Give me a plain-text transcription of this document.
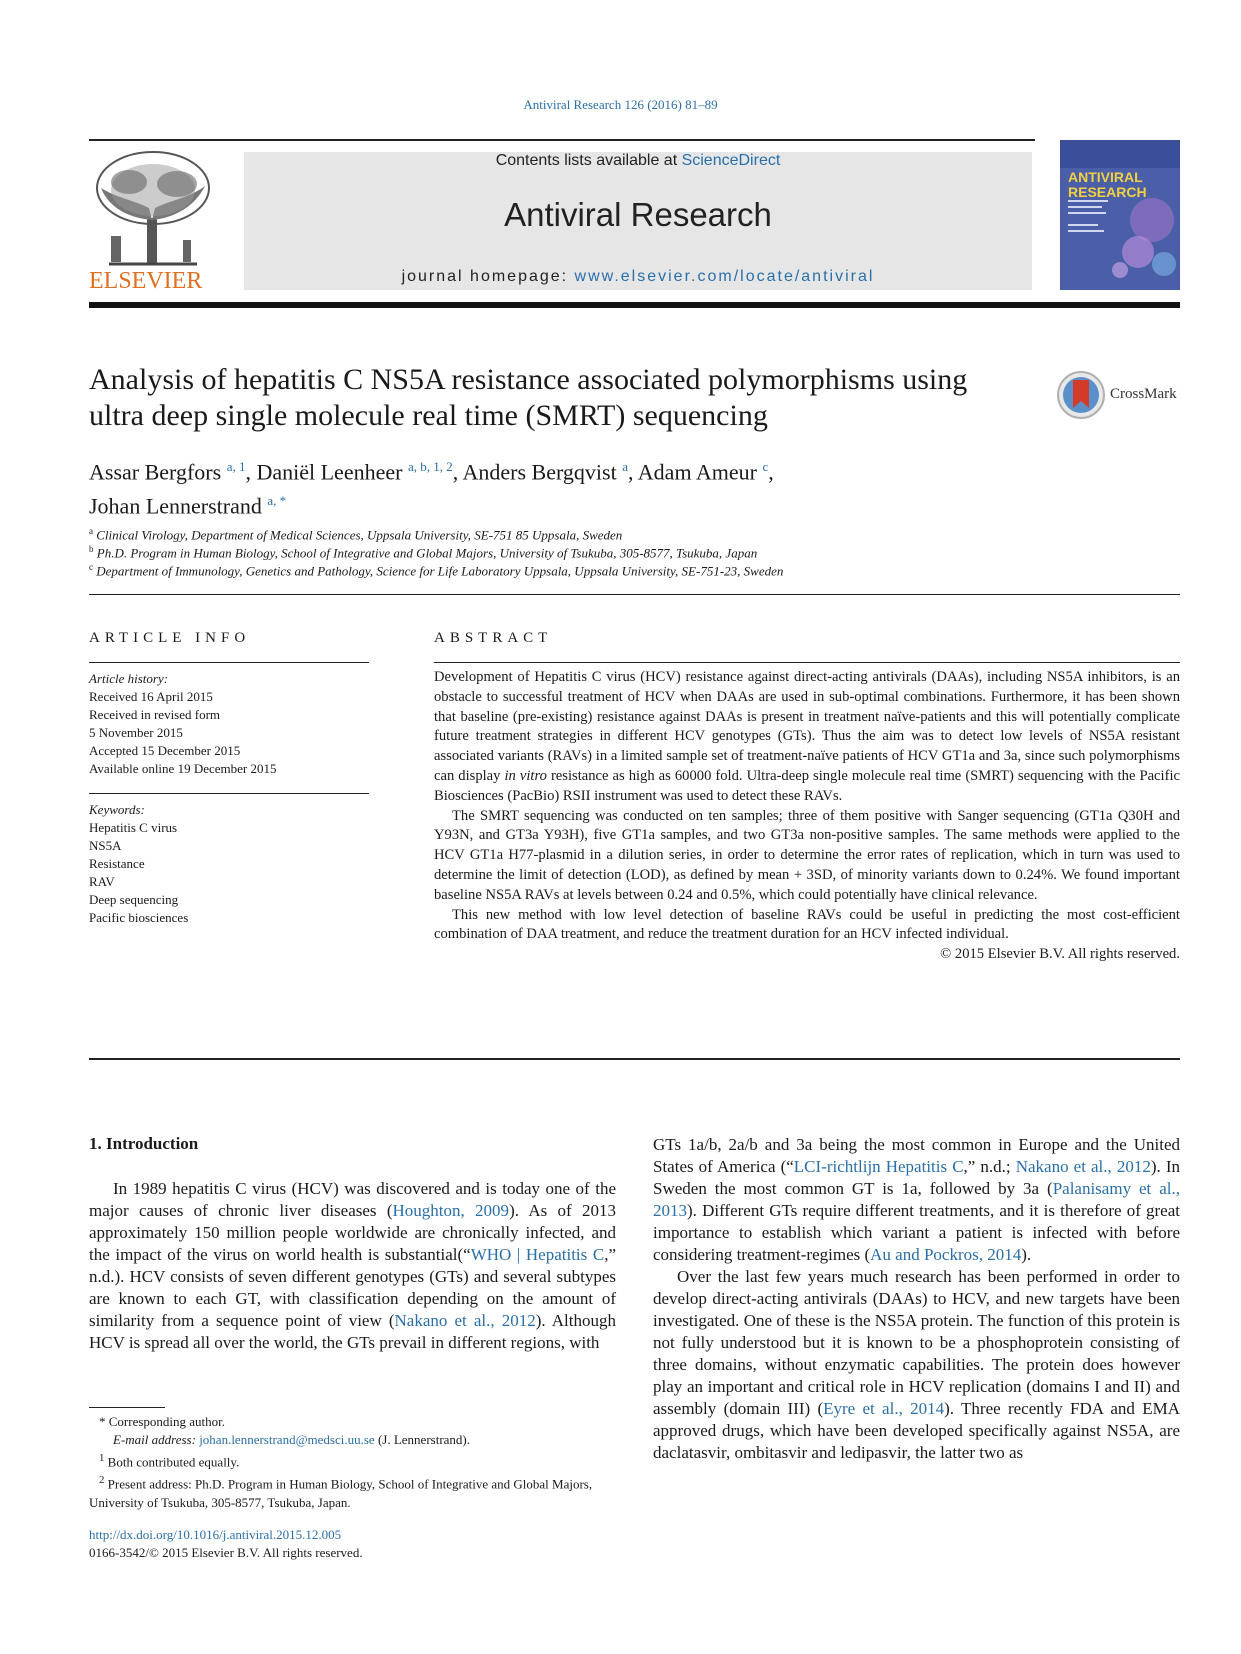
Antiviral Research 126 (2016) 81–89
ELSEVIER
Contents lists available at ScienceDirect
Antiviral Research
journal homepage: www.elsevier.com/locate/antiviral
ANTIVIRAL
RESEARCH
Analysis of hepatitis C NS5A resistance associated polymorphisms using ultra deep single molecule real time (SMRT) sequencing
CrossMark
Assar Bergfors $^{a, 1}$, Daniël Leenheer $^{a, b, 1, 2}$, Anders Bergqvist $^a$, Adam Ameur $^c$,
Johan Lennerstrand $^{a, *}$
$^a$ Clinical Virology, Department of Medical Sciences, Uppsala University, SE-751 85 Uppsala, Sweden
$^b$ Ph.D. Program in Human Biology, School of Integrative and Global Majors, University of Tsukuba, 305-8577, Tsukuba, Japan
$^c$ Department of Immunology, Genetics and Pathology, Science for Life Laboratory Uppsala, Uppsala University, SE-751-23, Sweden
ARTICLE INFO
Article history:
Received 16 April 2015
Received in revised form
5 November 2015
Accepted 15 December 2015
Available online 19 December 2015
Keywords:
Hepatitis C virus
NS5A
Resistance
RAV
Deep sequencing
Pacific biosciences
ABSTRACT

Development of Hepatitis C virus (HCV) resistance against direct-acting antivirals (DAAs), including NS5A inhibitors, is an obstacle to successful treatment of HCV when DAAs are used in sub-optimal combinations. Furthermore, it has been shown that baseline (pre-existing) resistance against DAAs is present in treatment naïve-patients and this will potentially complicate future treatment strategies in different HCV genotypes (GTs). Thus the aim was to detect low levels of NS5A resistant associated variants (RAVs) in a limited sample set of treatment-naïve patients of HCV GT1a and 3a, since such polymorphisms can display in vitro resistance as high as 60000 fold. Ultra-deep single molecule real time (SMRT) sequencing with the Pacific Biosciences (PacBio) RSII instrument was used to detect these RAVs.

The SMRT sequencing was conducted on ten samples; three of them positive with Sanger sequencing (GT1a Q30H and Y93N, and GT3a Y93H), five GT1a samples, and two GT3a non-positive samples. The same methods were applied to the HCV GT1a H77-plasmid in a dilution series, in order to determine the error rates of replication, which in turn was used to determine the limit of detection (LOD), as defined by mean + 3SD, of minority variants down to 0.24%. We found important baseline NS5A RAVs at levels between 0.24 and 0.5%, which could potentially have clinical relevance.

This new method with low level detection of baseline RAVs could be useful in predicting the most cost-efficient combination of DAA treatment, and reduce the treatment duration for an HCV infected individual.

© 2015 Elsevier B.V. All rights reserved.

1. Introduction

In 1989 hepatitis C virus (HCV) was discovered and is today one of the major causes of chronic liver diseases (Houghton, 2009). As of 2013 approximately 150 million people worldwide are chronically infected, and the impact of the virus on world health is substantial(“WHO | Hepatitis C,” n.d.). HCV consists of seven different genotypes (GTs) and several subtypes are known to each GT, with classification depending on the amount of similarity from a sequence point of view (Nakano et al., 2012). Although HCV is spread all over the world, the GTs prevail in different regions, with

GTs 1a/b, 2a/b and 3a being the most common in Europe and the United States of America (“LCI-richtlijn Hepatitis C,” n.d.; Nakano et al., 2012). In Sweden the most common GT is 1a, followed by 3a (Palanisamy et al., 2013). Different GTs require different treatments, and it is therefore of great importance to establish which variant a patient is infected with before considering treatment-regimes (Au and Pockros, 2014).

Over the last few years much research has been performed in order to develop direct-acting antivirals (DAAs) to HCV, and new targets have been investigated. One of these is the NS5A protein. The function of this protein is not fully understood but it is known to be a phosphoprotein consisting of three domains, without enzymatic capabilities. The protein does however play an important and critical role in HCV replication (domains I and II) and assembly (domain III) (Eyre et al., 2014). Three recently FDA and EMA approved drugs, which have been developed specifically against NS5A, are daclatasvir, ombitasvir and ledipasvir, the latter two as

* Corresponding author.

E-mail address: johan.lennerstrand@medsci.uu.se (J. Lennerstrand).

$^1$ Both contributed equally.

$^2$ Present address: Ph.D. Program in Human Biology, School of Integrative and Global Majors, University of Tsukuba, 305-8577, Tsukuba, Japan.

http://dx.doi.org/10.1016/j.antiviral.2015.12.005
0166-3542/© 2015 Elsevier B.V. All rights reserved.
